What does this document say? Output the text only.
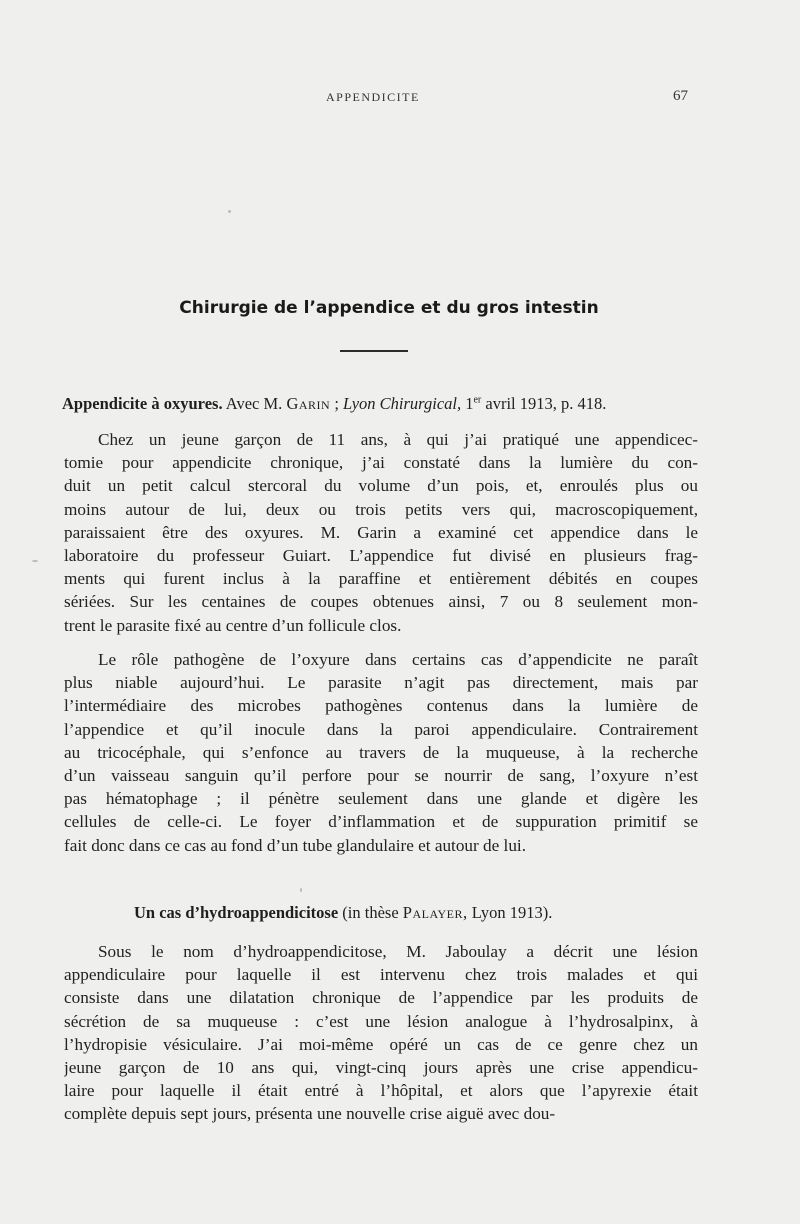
APPENDICITE	67
Chirurgie de l’appendice et du gros intestin
Appendicite à oxyures. Avec M. Garin ; Lyon Chirurgical, 1er avril 1913, p. 418.
Chez un jeune garçon de 11 ans, à qui j’ai pratiqué une appendicec-
tomie pour appendicite chronique, j’ai constaté dans la lumière du con-
duit un petit calcul stercoral du volume d’un pois, et, enroulés plus ou
moins autour de lui, deux ou trois petits vers qui, macroscopiquement,
paraissaient être des oxyures. M. Garin a examiné cet appendice dans le
laboratoire du professeur Guiart. L’appendice fut divisé en plusieurs frag-
ments qui furent inclus à la paraffine et entièrement débités en coupes
sériées. Sur les centaines de coupes obtenues ainsi, 7 ou 8 seulement mon-
trent le parasite fixé au centre d’un follicule clos.
Le rôle pathogène de l’oxyure dans certains cas d’appendicite ne paraît
plus niable aujourd’hui. Le parasite n’agit pas directement, mais par
l’intermédiaire des microbes pathogènes contenus dans la lumière de
l’appendice et qu’il inocule dans la paroi appendiculaire. Contrairement
au tricocéphale, qui s’enfonce au travers de la muqueuse, à la recherche
d’un vaisseau sanguin qu’il perfore pour se nourrir de sang, l’oxyure n’est
pas hématophage ; il pénètre seulement dans une glande et digère les
cellules de celle-ci. Le foyer d’inflammation et de suppuration primitif se
fait donc dans ce cas au fond d’un tube glandulaire et autour de lui.
Un cas d’hydroappendicitose (in thèse Palayer, Lyon 1913).
Sous le nom d’hydroappendicitose, M. Jaboulay a décrit une lésion
appendiculaire pour laquelle il est intervenu chez trois malades et qui
consiste dans une dilatation chronique de l’appendice par les produits de
sécrétion de sa muqueuse : c’est une lésion analogue à l’hydrosalpinx, à
l’hydropisie vésiculaire. J’ai moi-même opéré un cas de ce genre chez un
jeune garçon de 10 ans qui, vingt-cinq jours après une crise appendicu-
laire pour laquelle il était entré à l’hôpital, et alors que l’apyrexie était
complète depuis sept jours, présenta une nouvelle crise aiguë avec dou-
